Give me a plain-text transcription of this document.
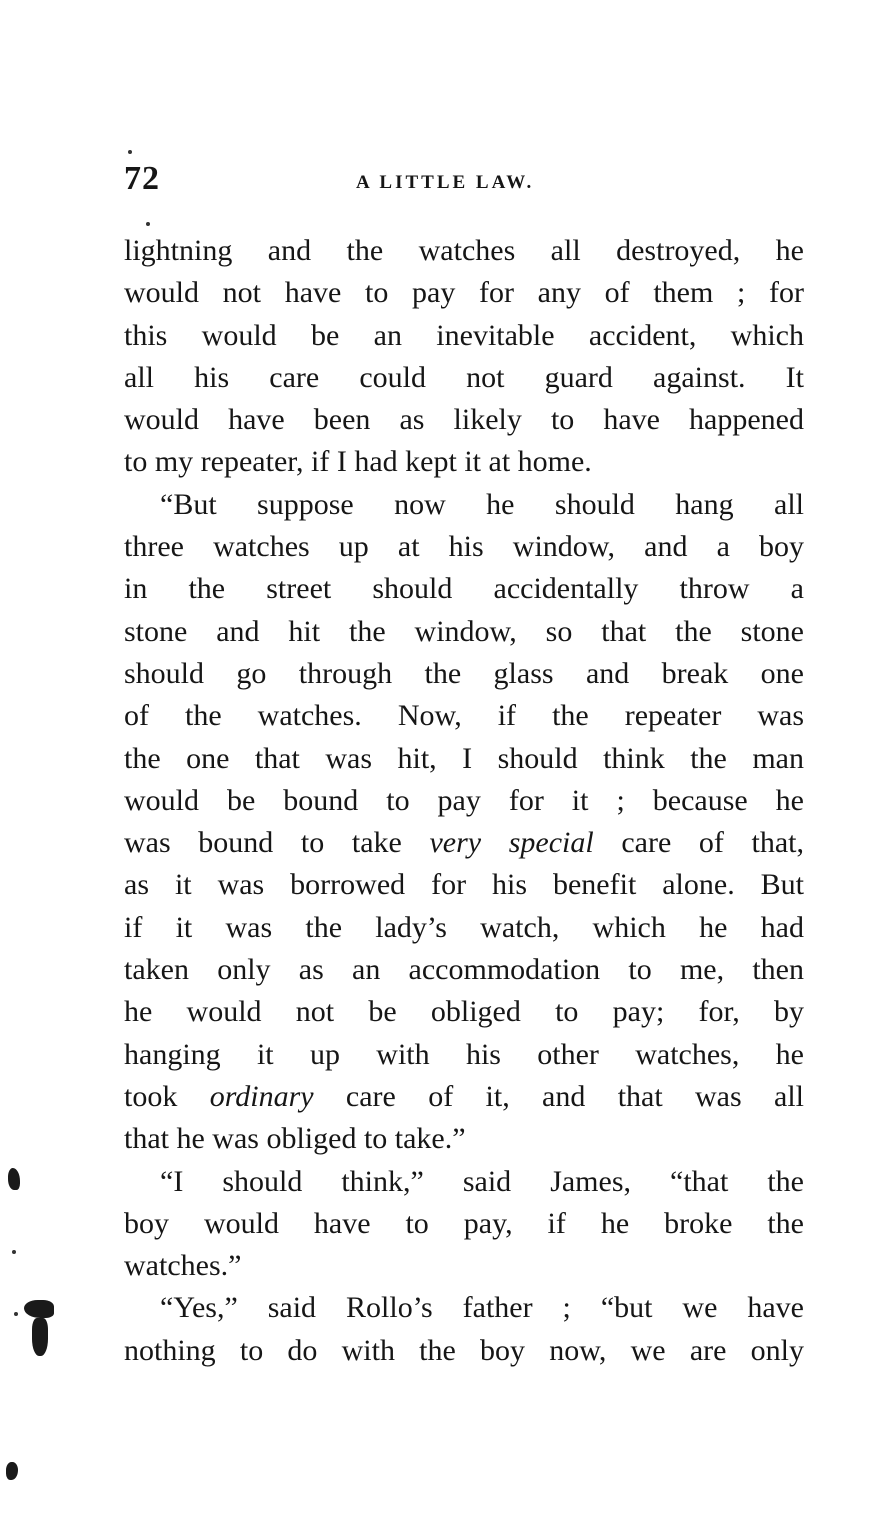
72	A LITTLE LAW.
lightning and the watches all destroyed, he
would not have to pay for any of them ; for
this would be an inevitable accident, which
all his care could not guard against. It
would have been as likely to have happened
to my repeater, if I had kept it at home.
“But suppose now he should hang all
three watches up at his window, and a boy
in the street should accidentally throw a
stone and hit the window, so that the stone
should go through the glass and break one
of the watches. Now, if the repeater was
the one that was hit, I should think the man
would be bound to pay for it ; because he
was bound to take very special care of that,
as it was borrowed for his benefit alone. But
if it was the lady’s watch, which he had
taken only as an accommodation to me, then
he would not be obliged to pay; for, by
hanging it up with his other watches, he
took ordinary care of it, and that was all
that he was obliged to take.”
“I should think,” said James, “that the
boy would have to pay, if he broke the
watches.”
“Yes,” said Rollo’s father ; “but we have
nothing to do with the boy now, we are only
